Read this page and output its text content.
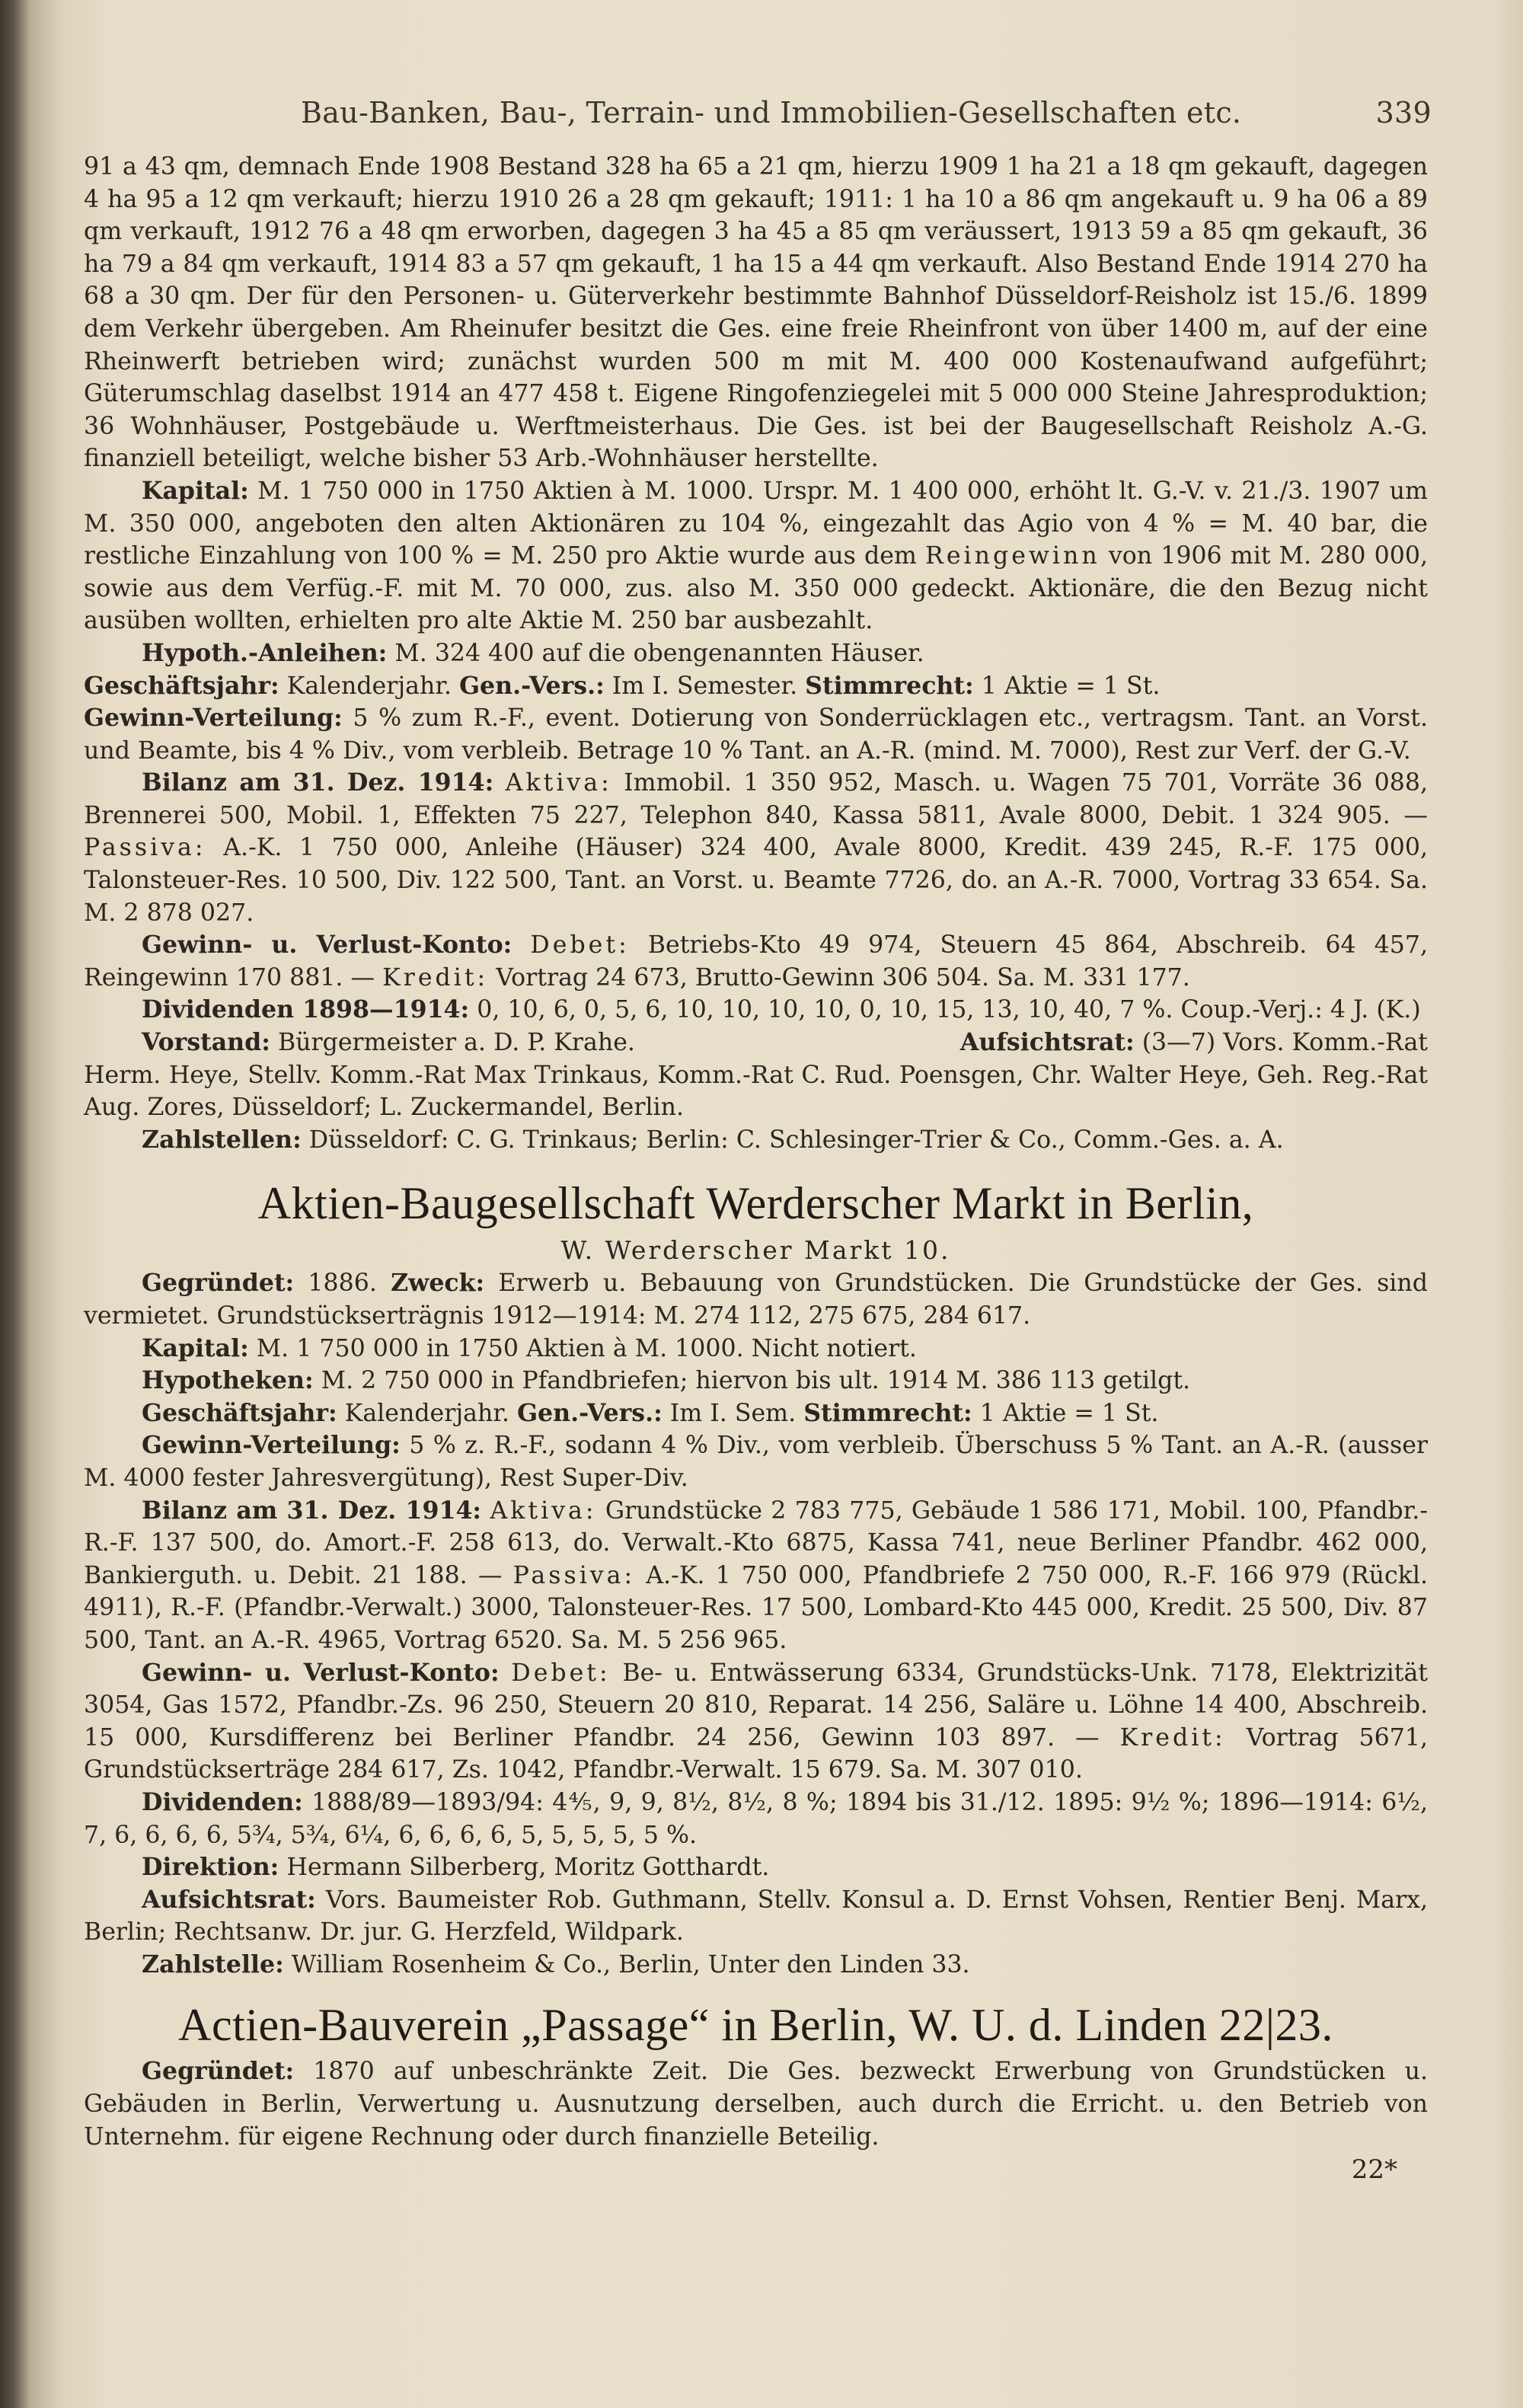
Bau-Banken, Bau-, Terrain- und Immobilien-Gesellschaften etc.	339

91 a 43 qm, demnach Ende 1908 Bestand 328 ha 65 a 21 qm, hierzu 1909 1 ha 21 a 18 qm gekauft, dagegen 4 ha 95 a 12 qm verkauft; hierzu 1910 26 a 28 qm gekauft; 1911: 1 ha 10 a 86 qm angekauft u. 9 ha 06 a 89 qm verkauft, 1912 76 a 48 qm erworben, dagegen 3 ha 45 a 85 qm veräussert, 1913 59 a 85 qm gekauft, 36 ha 79 a 84 qm verkauft, 1914 83 a 57 qm gekauft, 1 ha 15 a 44 qm verkauft. Also Bestand Ende 1914 270 ha 68 a 30 qm. Der für den Personen- u. Güterverkehr bestimmte Bahnhof Düsseldorf-Reisholz ist 15./6. 1899 dem Verkehr übergeben. Am Rheinufer besitzt die Ges. eine freie Rheinfront von über 1400 m, auf der eine Rheinwerft betrieben wird; zunächst wurden 500 m mit M. 400 000 Kostenaufwand aufgeführt; Güterumschlag daselbst 1914 an 477 458 t. Eigene Ringofenziegelei mit 5 000 000 Steine Jahresproduktion; 36 Wohnhäuser, Postgebäude u. Werftmeisterhaus. Die Ges. ist bei der Baugesellschaft Reisholz A.-G. finanziell beteiligt, welche bisher 53 Arb.-Wohnhäuser herstellte.

Kapital: M. 1 750 000 in 1750 Aktien à M. 1000. Urspr. M. 1 400 000, erhöht lt. G.-V. v. 21./3. 1907 um M. 350 000, angeboten den alten Aktionären zu 104 %, eingezahlt das Agio von 4 % = M. 40 bar, die restliche Einzahlung von 100 % = M. 250 pro Aktie wurde aus dem Reingewinn von 1906 mit M. 280 000, sowie aus dem Verfüg.-F. mit M. 70 000, zus. also M. 350 000 gedeckt. Aktionäre, die den Bezug nicht ausüben wollten, erhielten pro alte Aktie M. 250 bar ausbezahlt.

Hypoth.-Anleihen: M. 324 400 auf die obengenannten Häuser.

Geschäftsjahr: Kalenderjahr. Gen.-Vers.: Im I. Semester. Stimmrecht: 1 Aktie = 1 St.

Gewinn-Verteilung: 5 % zum R.-F., event. Dotierung von Sonderrücklagen etc., vertragsm. Tant. an Vorst. und Beamte, bis 4 % Div., vom verbleib. Betrage 10 % Tant. an A.-R. (mind. M. 7000), Rest zur Verf. der G.-V.

Bilanz am 31. Dez. 1914: Aktiva: Immobil. 1 350 952, Masch. u. Wagen 75 701, Vorräte 36 088, Brennerei 500, Mobil. 1, Effekten 75 227, Telephon 840, Kassa 5811, Avale 8000, Debit. 1 324 905. — Passiva: A.-K. 1 750 000, Anleihe (Häuser) 324 400, Avale 8000, Kredit. 439 245, R.-F. 175 000, Talonsteuer-Res. 10 500, Div. 122 500, Tant. an Vorst. u. Beamte 7726, do. an A.-R. 7000, Vortrag 33 654. Sa. M. 2 878 027.

Gewinn- u. Verlust-Konto: Debet: Betriebs-Kto 49 974, Steuern 45 864, Abschreib. 64 457, Reingewinn 170 881. — Kredit: Vortrag 24 673, Brutto-Gewinn 306 504. Sa. M. 331 177.

Dividenden 1898—1914: 0, 10, 6, 0, 5, 6, 10, 10, 10, 10, 0, 10, 15, 13, 10, 40, 7 %. Coup.-Verj.: 4 J. (K.)

Vorstand: Bürgermeister a. D. P. Krahe.	Aufsichtsrat: (3—7) Vors. Komm.-Rat

Herm. Heye, Stellv. Komm.-Rat Max Trinkaus, Komm.-Rat C. Rud. Poensgen, Chr. Walter Heye, Geh. Reg.-Rat Aug. Zores, Düsseldorf; L. Zuckermandel, Berlin.

Zahlstellen: Düsseldorf: C. G. Trinkaus; Berlin: C. Schlesinger-Trier & Co., Comm.-Ges. a. A.

Aktien-Baugesellschaft Werderscher Markt in Berlin,

W. Werderscher Markt 10.

Gegründet: 1886. Zweck: Erwerb u. Bebauung von Grundstücken. Die Grundstücke der Ges. sind vermietet. Grundstückserträgnis 1912—1914: M. 274 112, 275 675, 284 617.

Kapital: M. 1 750 000 in 1750 Aktien à M. 1000. Nicht notiert.

Hypotheken: M. 2 750 000 in Pfandbriefen; hiervon bis ult. 1914 M. 386 113 getilgt.

Geschäftsjahr: Kalenderjahr. Gen.-Vers.: Im I. Sem. Stimmrecht: 1 Aktie = 1 St.

Gewinn-Verteilung: 5 % z. R.-F., sodann 4 % Div., vom verbleib. Überschuss 5 % Tant. an A.-R. (ausser M. 4000 fester Jahresvergütung), Rest Super-Div.

Bilanz am 31. Dez. 1914: Aktiva: Grundstücke 2 783 775, Gebäude 1 586 171, Mobil. 100, Pfandbr.-R.-F. 137 500, do. Amort.-F. 258 613, do. Verwalt.-Kto 6875, Kassa 741, neue Berliner Pfandbr. 462 000, Bankierguth. u. Debit. 21 188. — Passiva: A.-K. 1 750 000, Pfandbriefe 2 750 000, R.-F. 166 979 (Rückl. 4911), R.-F. (Pfandbr.-Verwalt.) 3000, Talonsteuer-Res. 17 500, Lombard-Kto 445 000, Kredit. 25 500, Div. 87 500, Tant. an A.-R. 4965, Vortrag 6520. Sa. M. 5 256 965.

Gewinn- u. Verlust-Konto: Debet: Be- u. Entwässerung 6334, Grundstücks-Unk. 7178, Elektrizität 3054, Gas 1572, Pfandbr.-Zs. 96 250, Steuern 20 810, Reparat. 14 256, Saläre u. Löhne 14 400, Abschreib. 15 000, Kursdifferenz bei Berliner Pfandbr. 24 256, Gewinn 103 897. — Kredit: Vortrag 5671, Grundstückserträge 284 617, Zs. 1042, Pfandbr.-Verwalt. 15 679. Sa. M. 307 010.

Dividenden: 1888/89—1893/94: 4⅘, 9, 9, 8½, 8½, 8 %; 1894 bis 31./12. 1895: 9½ %; 1896—1914: 6½, 7, 6, 6, 6, 6, 5¾, 5¾, 6¼, 6, 6, 6, 6, 5, 5, 5, 5, 5 %.

Direktion: Hermann Silberberg, Moritz Gotthardt.

Aufsichtsrat: Vors. Baumeister Rob. Guthmann, Stellv. Konsul a. D. Ernst Vohsen, Rentier Benj. Marx, Berlin; Rechtsanw. Dr. jur. G. Herzfeld, Wildpark.

Zahlstelle: William Rosenheim & Co., Berlin, Unter den Linden 33.

Actien-Bauverein „Passage“ in Berlin, W. U. d. Linden 22|23.

Gegründet: 1870 auf unbeschränkte Zeit. Die Ges. bezweckt Erwerbung von Grundstücken u. Gebäuden in Berlin, Verwertung u. Ausnutzung derselben, auch durch die Erricht. u. den Betrieb von Unternehm. für eigene Rechnung oder durch finanzielle Beteilig.

22*
